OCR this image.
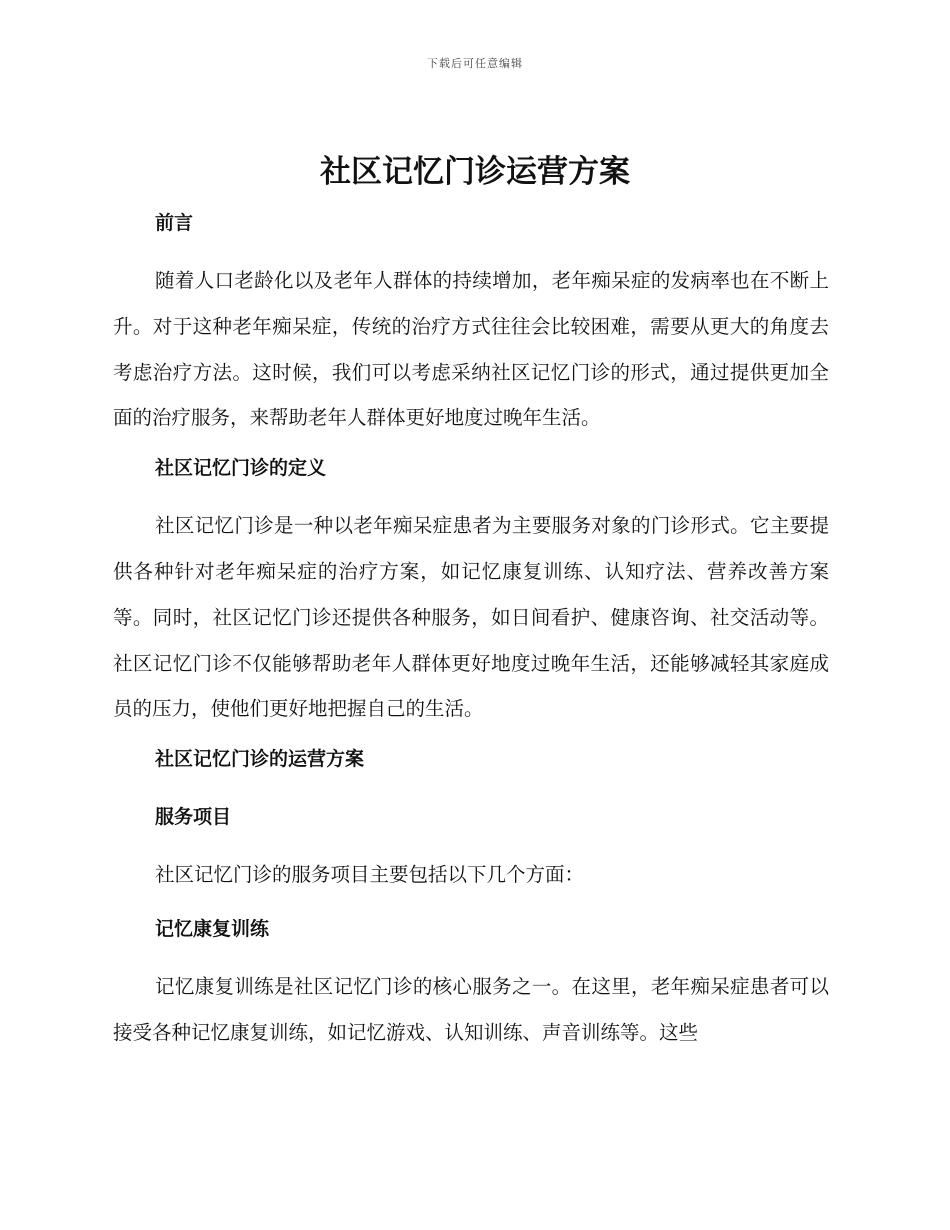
下载后可任意编辑
社区记忆门诊运营方案
前言

随着人口老龄化以及老年人群体的持续增加，老年痴呆症的发病率也在不断上升。对于这种老年痴呆症，传统的治疗方式往往会比较困难，需要从更大的角度去考虑治疗方法。这时候，我们可以考虑采纳社区记忆门诊的形式，通过提供更加全面的治疗服务，来帮助老年人群体更好地度过晚年生活。

社区记忆门诊的定义

社区记忆门诊是一种以老年痴呆症患者为主要服务对象的门诊形式。它主要提供各种针对老年痴呆症的治疗方案，如记忆康复训练、认知疗法、营养改善方案等。同时，社区记忆门诊还提供各种服务，如日间看护、健康咨询、社交活动等。社区记忆门诊不仅能够帮助老年人群体更好地度过晚年生活，还能够减轻其家庭成员的压力，使他们更好地把握自己的生活。

社区记忆门诊的运营方案
服务项目

社区记忆门诊的服务项目主要包括以下几个方面：

记忆康复训练

记忆康复训练是社区记忆门诊的核心服务之一。在这里，老年痴呆症患者可以接受各种记忆康复训练，如记忆游戏、认知训练、声音训练等。这些
